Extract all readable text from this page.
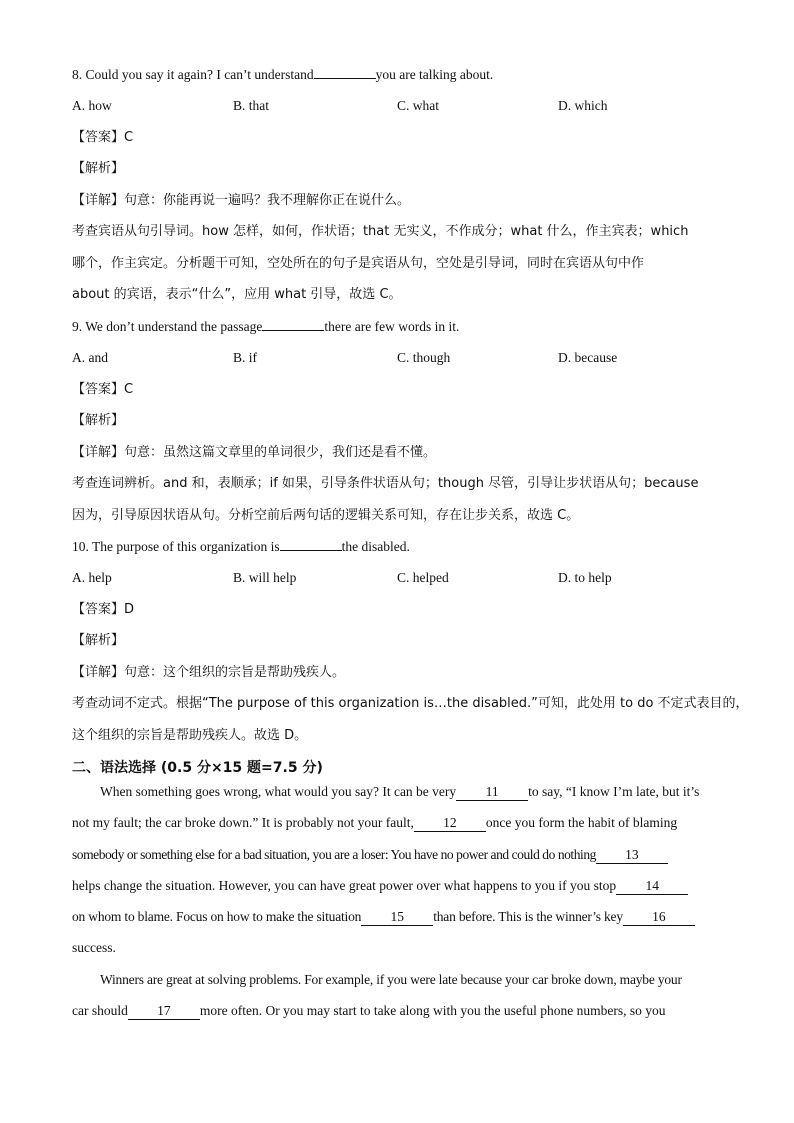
8. Could you say it again? I can’t understand	you are talking about.
A. how	B. that	C. what	D. which
【答案】C
【解析】
【详解】句意：你能再说一遍吗？我不理解你正在说什么。
考查宾语从句引导词。how 怎样，如何，作状语；that 无实义，不作成分；what 什么，作主宾表；which
哪个，作主宾定。分析题干可知，空处所在的句子是宾语从句，空处是引导词，同时在宾语从句中作
about 的宾语，表示“什么”，应用 what 引导，故选 C。
9. We don’t understand the passage	there are few words in it.
A. and	B. if	C. though	D. because
【答案】C
【解析】
【详解】句意：虽然这篇文章里的单词很少，我们还是看不懂。
考查连词辨析。and 和，表顺承；if 如果，引导条件状语从句；though 尽管，引导让步状语从句；because
因为，引导原因状语从句。分析空前后两句话的逻辑关系可知，存在让步关系，故选 C。
10. The purpose of this organization is	the disabled.
A. help	B. will help	C. helped	D. to help
【答案】D
【解析】
【详解】句意：这个组织的宗旨是帮助残疾人。
考查动词不定式。根据“The purpose of this organization is…the disabled.”可知，此处用 to do 不定式表目的，
这个组织的宗旨是帮助残疾人。故选 D。
二、语法选择 (0.5 分×15 题=7.5 分)
When something goes wrong, what would you say? It can be very 11 to say, “I know I’m late, but it’s
not my fault; the car broke down.” It is probably not your fault, 12 once you form the habit of blaming
somebody or something else for a bad situation, you are a loser: You have no power and could do nothing 13
helps change the situation. However, you can have great power over what happens to you if you stop 14
on whom to blame. Focus on how to make the situation 15 than before. This is the winner’s key 16
success.
Winners are great at solving problems. For example, if you were late because your car broke down, maybe your
car should 17 more often. Or you may start to take along with you the useful phone numbers, so you
